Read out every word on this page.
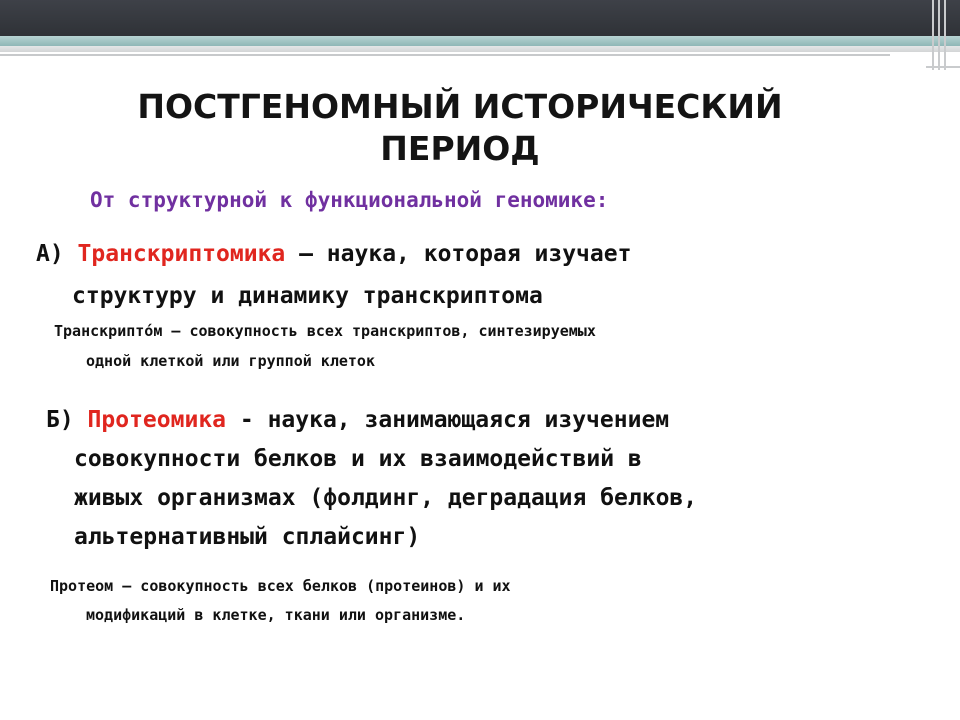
ПОСТГЕНОМНЫЙ ИСТОРИЧЕСКИЙ
ПЕРИОД
От структурной к функциональной геномике:
А) Транскриптомика – наука, которая изучает
структуру и динамику транскриптома
Транскрипто́м — совокупность всех транскриптов, синтезируемых
одной клеткой или группой клеток
Б) Протеомика - наука, занимающаяся изучением
совокупности белков и их взаимодействий в
живых организмах (фолдинг, деградация белков,
альтернативный сплайсинг)
Протеом — совокупность всех белков (протеинов) и их
модификаций в клетке, ткани или организме.
